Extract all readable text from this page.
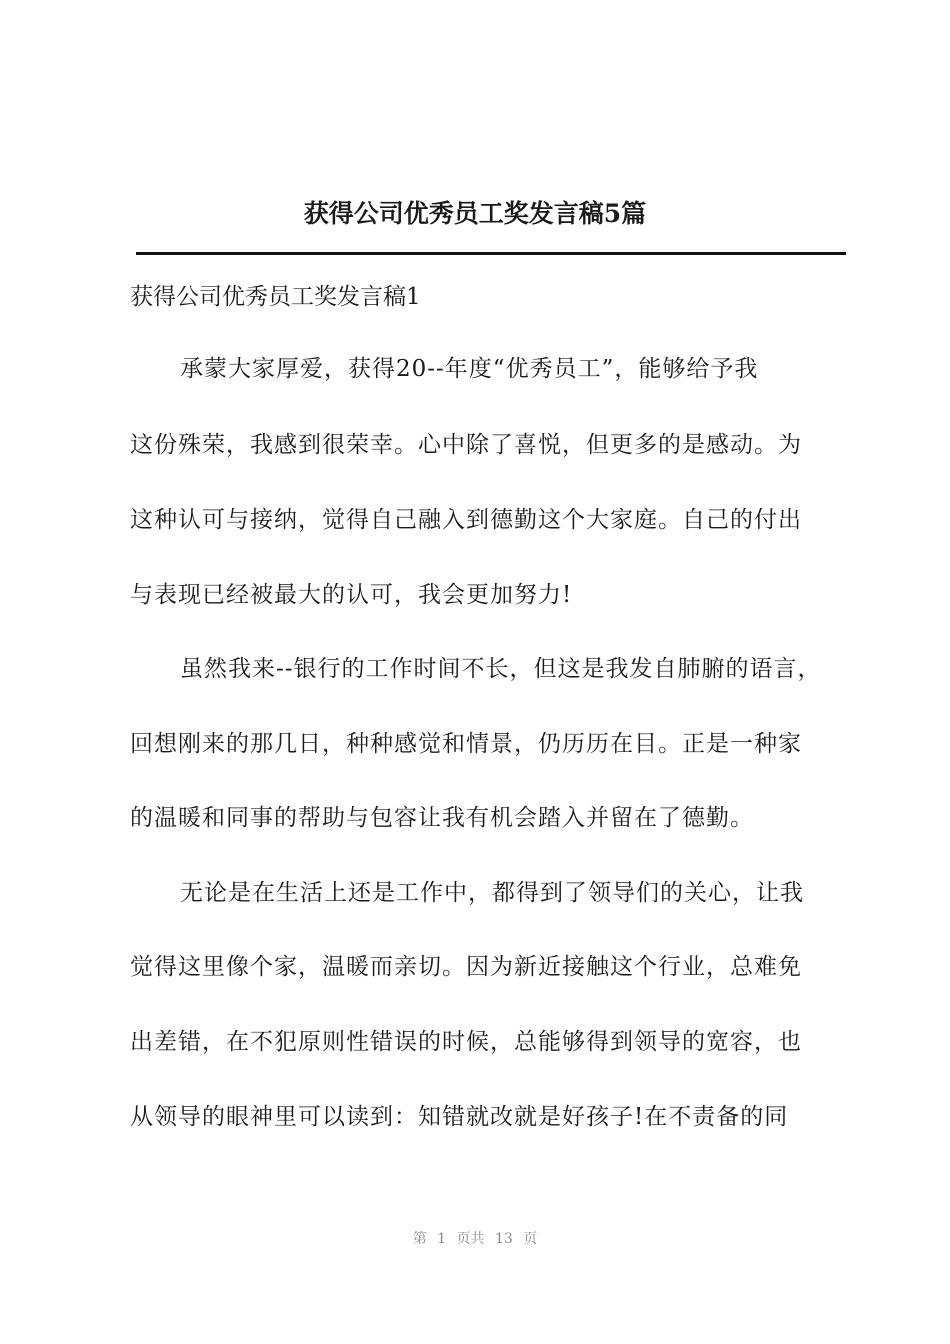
获得公司优秀员工奖发言稿5篇

获得公司优秀员工奖发言稿1

承蒙大家厚爱，获得20--年度“优秀员工”，能够给予我

这份殊荣，我感到很荣幸。心中除了喜悦，但更多的是感动。为

这种认可与接纳，觉得自己融入到德勤这个大家庭。自己的付出

与表现已经被最大的认可，我会更加努力!

虽然我来--银行的工作时间不长，但这是我发自肺腑的语言，

回想刚来的那几日，种种感觉和情景，仍历历在目。正是一种家

的温暖和同事的帮助与包容让我有机会踏入并留在了德勤。

无论是在生活上还是工作中，都得到了领导们的关心，让我

觉得这里像个家，温暖而亲切。因为新近接触这个行业，总难免

出差错，在不犯原则性错误的时候，总能够得到领导的宽容，也

从领导的眼神里可以读到：知错就改就是好孩子!在不责备的同

第 1 页共 13 页
